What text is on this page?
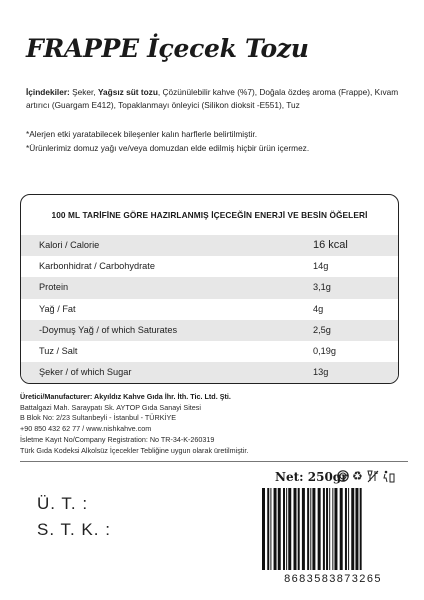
FRAPPE İçecek Tozu
İçindekiler: Şeker, Yağsız süt tozu, Çözünülebilir kahve (%7), Doğala özdeş aroma (Frappe), Kıvam artırıcı (Guargam E412), Topaklanmayı önleyici (Silikon dioksit -E551), Tuz
*Alerjen etki yaratabilecek bileşenler kalın harflerle belirtilmiştir.
*Ürünlerimiz domuz yağı ve/veya domuzdan elde edilmiş hiçbir ürün içermez.
100 ML TARİFİNE GÖRE HAZIRLANMIŞ İÇECEĞİN ENERJİ VE BESİN ÖĞELERİ
Kalori / Calorie	16 kcal
Karbonhidrat / Carbohydrate	14g
Protein	3,1g
Yağ / Fat	4g
-Doymuş Yağ / of which Saturates	2,5g
Tuz / Salt	0,19g
Şeker / of which Sugar	13g
Üretici/Manufacturer: Akyıldız Kahve Gıda İhr. İth. Tic. Ltd. Şti.
Battalgazi Mah. Saraypatı Sk. AYTOP Gıda Sanayi Sitesi
B Blok No: 2/23 Sultanbeyli - İstanbul - TÜRKİYE
+90 850 432 62 77 / www.nishkahve.com
İsletme Kayıt No/Company Registration: No TR-34-K-260319
Türk Gıda Kodeksi Alkolsüz İçecekler Tebliğine uygun olarak üretilmiştir.
Net: 250gr ♻
Ü. T. :
S. T. K. :
8683583873265
